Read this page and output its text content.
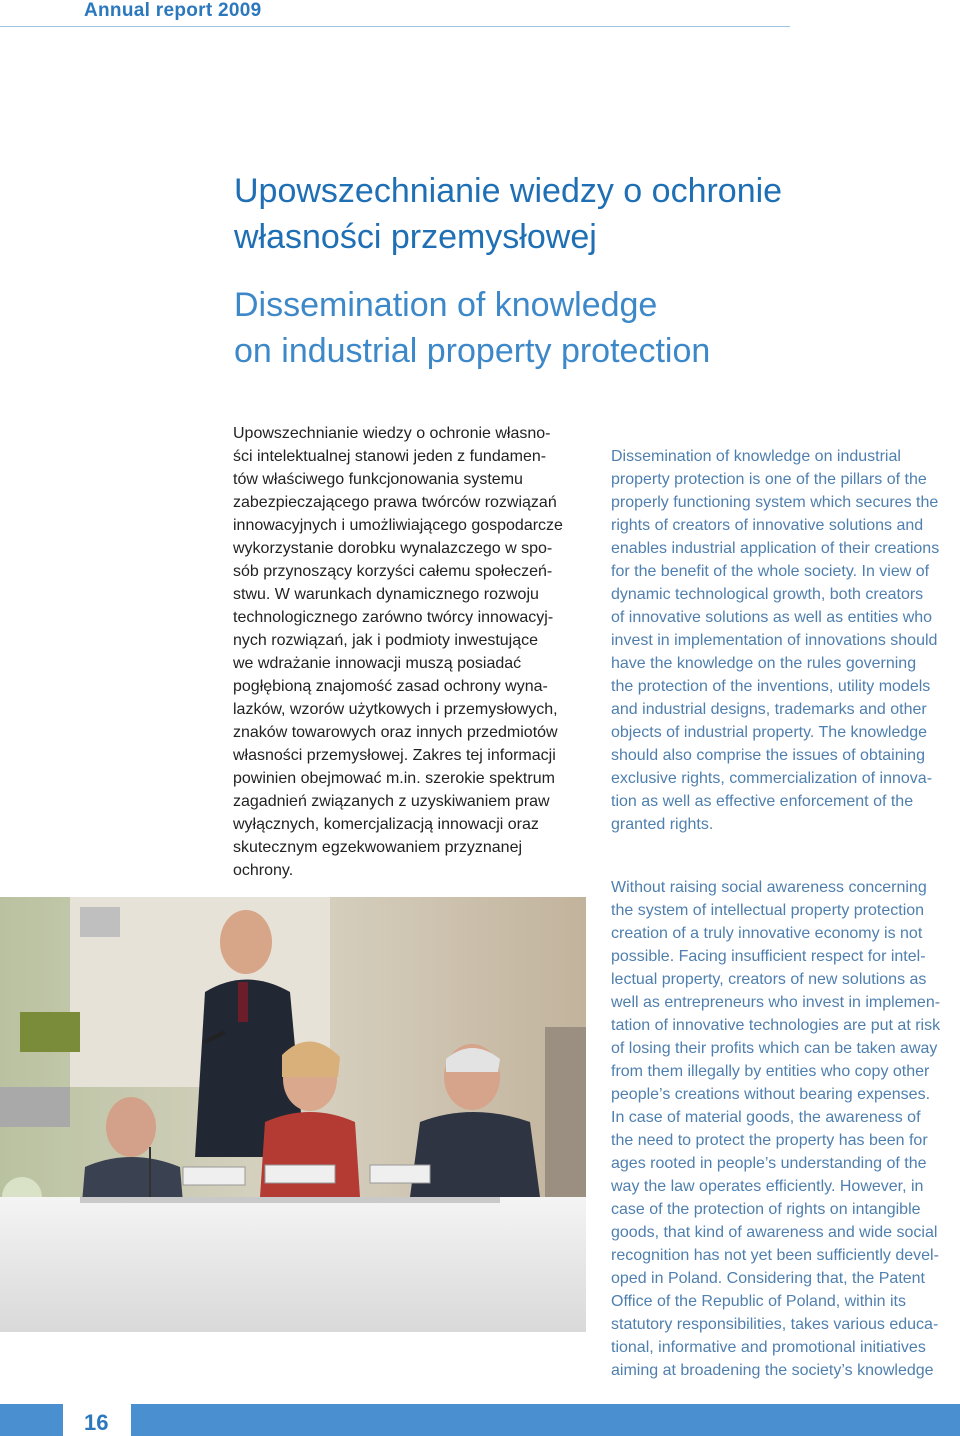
Annual report 2009
Upowszechnianie wiedzy o ochronie
własności przemysłowej
Dissemination of knowledge
on industrial property protection
Upowszechnianie wiedzy o ochronie własno-
ści intelektualnej stanowi jeden z fundamen-
tów właściwego funkcjonowania systemu
zabezpieczającego prawa twórców rozwiązań
innowacyjnych i umożliwiającego gospodarcze
wykorzystanie dorobku wynalazczego w spo-
sób przynoszący korzyści całemu społeczeń-
stwu. W warunkach dynamicznego rozwoju
technologicznego zarówno twórcy innowacyj-
nych rozwiązań, jak i podmioty inwestujące
we wdrażanie innowacji muszą posiadać
pogłębioną znajomość zasad ochrony wyna-
lazków, wzorów użytkowych i przemysłowych,
znaków towarowych oraz innych przedmiotów
własności przemysłowej. Zakres tej informacji
powinien obejmować m.in. szerokie spektrum
zagadnień związanych z uzyskiwaniem praw
wyłącznych, komercjalizacją innowacji oraz
skutecznym egzekwowaniem przyznanej
ochrony.

Dissemination of knowledge on industrial
property protection is one of the pillars of the
properly functioning system which secures the
rights of creators of innovative solutions and
enables industrial application of their creations
for the benefit of the whole society. In view of
dynamic technological growth, both creators
of innovative solutions as well as entities who
invest in implementation of innovations should
have the knowledge on the rules governing
the protection of the inventions, utility models
and industrial designs, trademarks and other
objects of industrial property. The knowledge
should also comprise the issues of obtaining
exclusive rights, commercialization of innova-
tion as well as effective enforcement of the
granted rights.

Without raising social awareness concerning
the system of intellectual property protection
creation of a truly innovative economy is not
possible. Facing insufficient respect for intel-
lectual property, creators of new solutions as
well as entrepreneurs who invest in implemen-
tation of innovative technologies are put at risk
of losing their profits which can be taken away
from them illegally by entities who copy other
people’s creations without bearing expenses.
In case of material goods, the awareness of
the need to protect the property has been for
ages rooted in people’s understanding of the
way the law operates efficiently. However, in
case of the protection of rights on intangible
goods, that kind of awareness and wide social
recognition has not yet been sufficiently devel-
oped in Poland. Considering that, the Patent
Office of the Republic of Poland, within its
statutory responsibilities, takes various educa-
tional, informative and promotional initiatives
aiming at broadening the society’s knowledge

16
